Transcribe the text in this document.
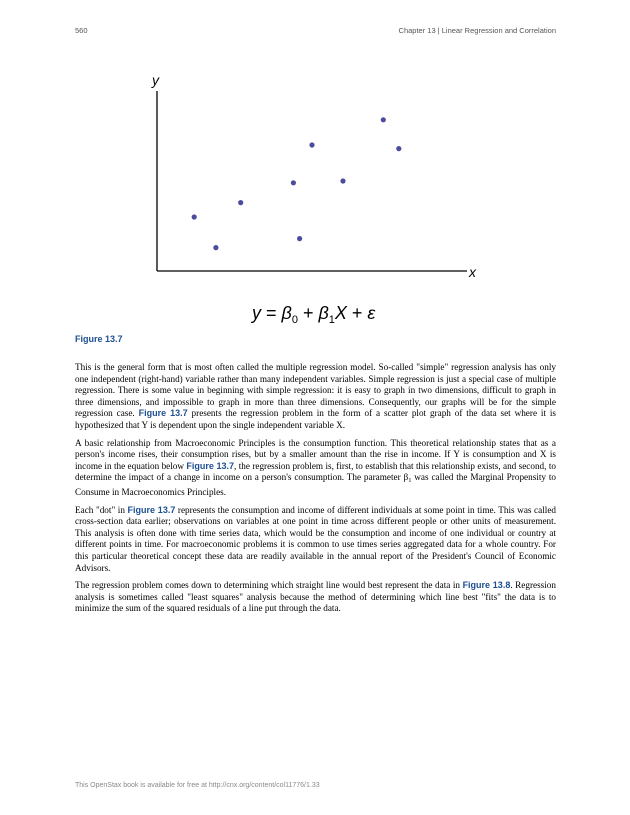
560	Chapter 13 | Linear Regression and Correlation
y
x
$y = \beta_0 + \beta_1X + \varepsilon$
Figure 13.7

This is the general form that is most often called the multiple regression model. So-called "simple" regression analysis has only one independent (right-hand) variable rather than many independent variables. Simple regression is just a special case of multiple regression. There is some value in beginning with simple regression: it is easy to graph in two dimensions, difficult to graph in three dimensions, and impossible to graph in more than three dimensions. Consequently, our graphs will be for the simple regression case. Figure 13.7 presents the regression problem in the form of a scatter plot graph of the data set where it is hypothesized that Y is dependent upon the single independent variable X.

A basic relationship from Macroeconomic Principles is the consumption function. This theoretical relationship states that as a person's income rises, their consumption rises, but by a smaller amount than the rise in income. If Y is consumption and X is income in the equation below Figure 13.7, the regression problem is, first, to establish that this relationship exists, and second, to determine the impact of a change in income on a person's consumption. The parameter $\beta_1$ was called the Marginal Propensity to Consume in Macroeconomics Principles.

Each "dot" in Figure 13.7 represents the consumption and income of different individuals at some point in time. This was called cross-section data earlier; observations on variables at one point in time across different people or other units of measurement. This analysis is often done with time series data, which would be the consumption and income of one individual or country at different points in time. For macroeconomic problems it is common to use times series aggregated data for a whole country. For this particular theoretical concept these data are readily available in the annual report of the President's Council of Economic Advisors.

The regression problem comes down to determining which straight line would best represent the data in Figure 13.8. Regression analysis is sometimes called "least squares" analysis because the method of determining which line best "fits" the data is to minimize the sum of the squared residuals of a line put through the data.

This OpenStax book is available for free at http://cnx.org/content/col11776/1.33
